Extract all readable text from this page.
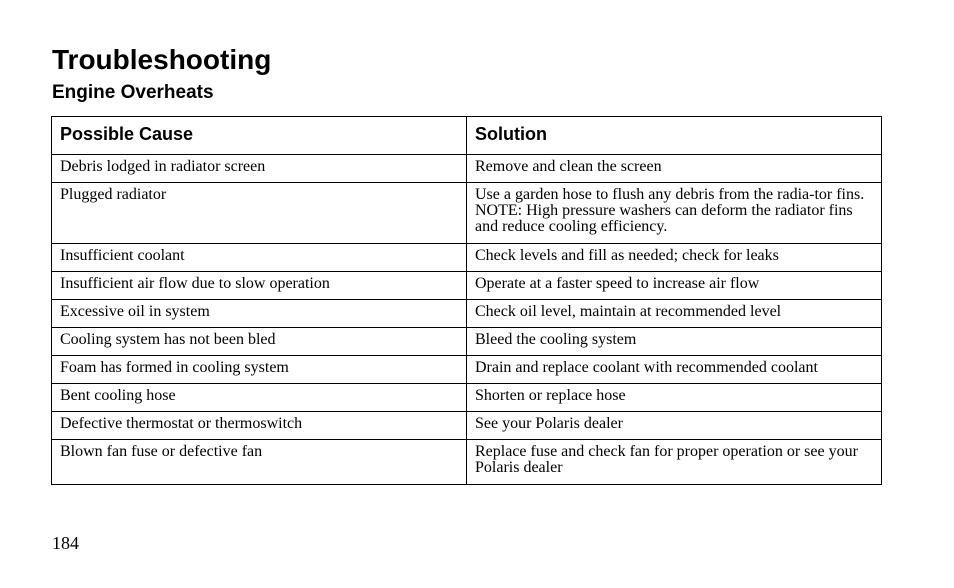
Troubleshooting
Engine Overheats
Possible Cause	Solution
Debris lodged in radiator screen	Remove and clean the screen
Plugged radiator	Use a garden hose to flush any debris from the radia-tor fins. NOTE: High pressure washers can deform the radiator fins and reduce cooling efficiency.
Insufficient coolant	Check levels and fill as needed; check for leaks
Insufficient air flow due to slow operation	Operate at a faster speed to increase air flow
Excessive oil in system	Check oil level, maintain at recommended level
Cooling system has not been bled	Bleed the cooling system
Foam has formed in cooling system	Drain and replace coolant with recommended coolant
Bent cooling hose	Shorten or replace hose
Defective thermostat or thermoswitch	See your Polaris dealer
Blown fan fuse or defective fan	Replace fuse and check fan for proper operation or see your Polaris dealer
184
